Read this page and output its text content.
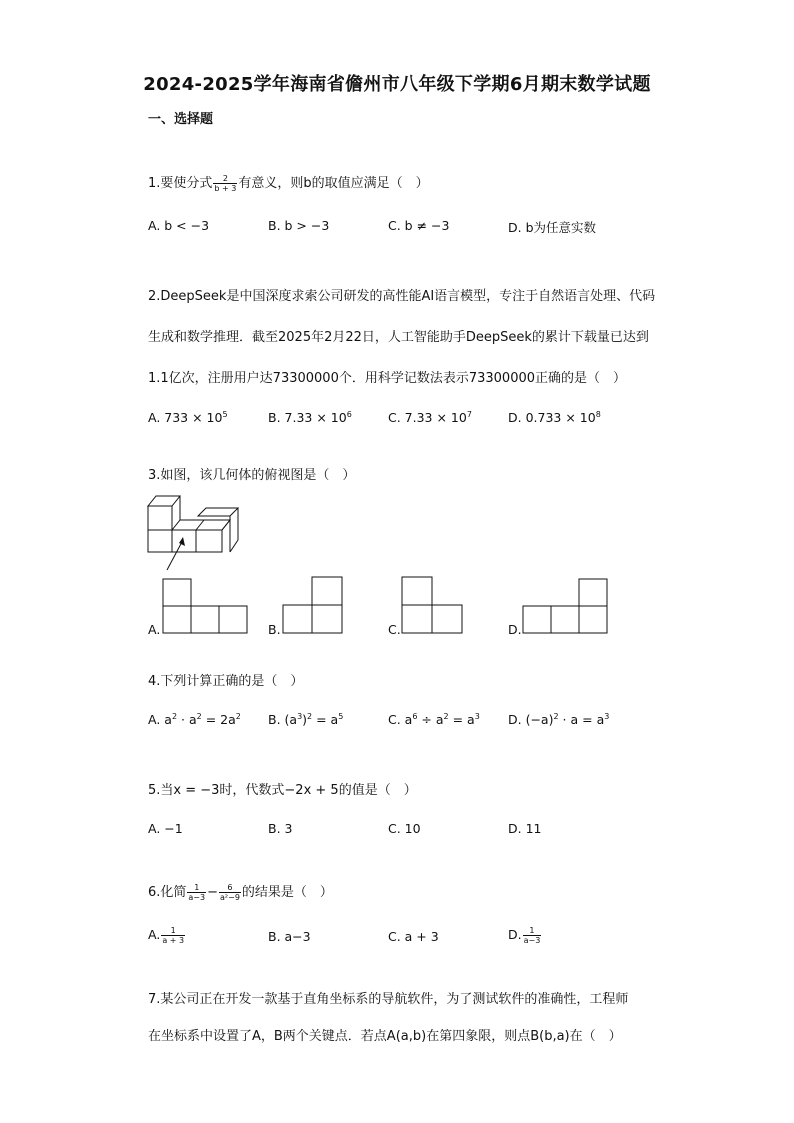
2024-2025学年海南省儋州市八年级下学期6月期末数学试题
一、选择题
1.要使分式 $\frac{2}{b + 3}$ 有意义，则b的取值应满足（　）
A. b < −3	B. b > −3	C. b ≠ −3	D. b为任意实数
2.DeepSeek是中国深度求索公司研发的高性能AI语言模型，专注于自然语言处理、代码
生成和数学推理．截至2025年2月22日，人工智能助手DeepSeek的累计下载量已达到
1.1亿次，注册用户达73300000个．用科学记数法表示73300000正确的是（　）
A. $733 \times 10^5$	B. $7.33 \times 10^6$	C. $7.33 \times 10^7$	D. $0.733 \times 10^8$
3.如图，该几何体的俯视图是（　）
A.	B.	C.	D.
4.下列计算正确的是（　）
A. $a^2 \cdot a^2 = 2a^2$ B. $(a^3)^2 = a^5$	C. $a^6 \div a^2 = a^3$ D. $(-a)^2 \cdot a = a^3$
5.当x = −3时，代数式−2x + 5的值是（　）
A. −1	B. 3	C. 10	D. 11
6.化简 $\frac{1}{a-3} - \frac{6}{\text{a²−9}}$ 的结果是（　）
A. $\frac{1}{a + 3}$	B. a−3	C. a + 3	D. $\frac{1}{a-3}$
7.某公司正在开发一款基于直角坐标系的导航软件，为了测试软件的准确性，工程师
在坐标系中设置了A，B两个关键点．若点A(a,b)在第四象限，则点B(b,a)在（　）
